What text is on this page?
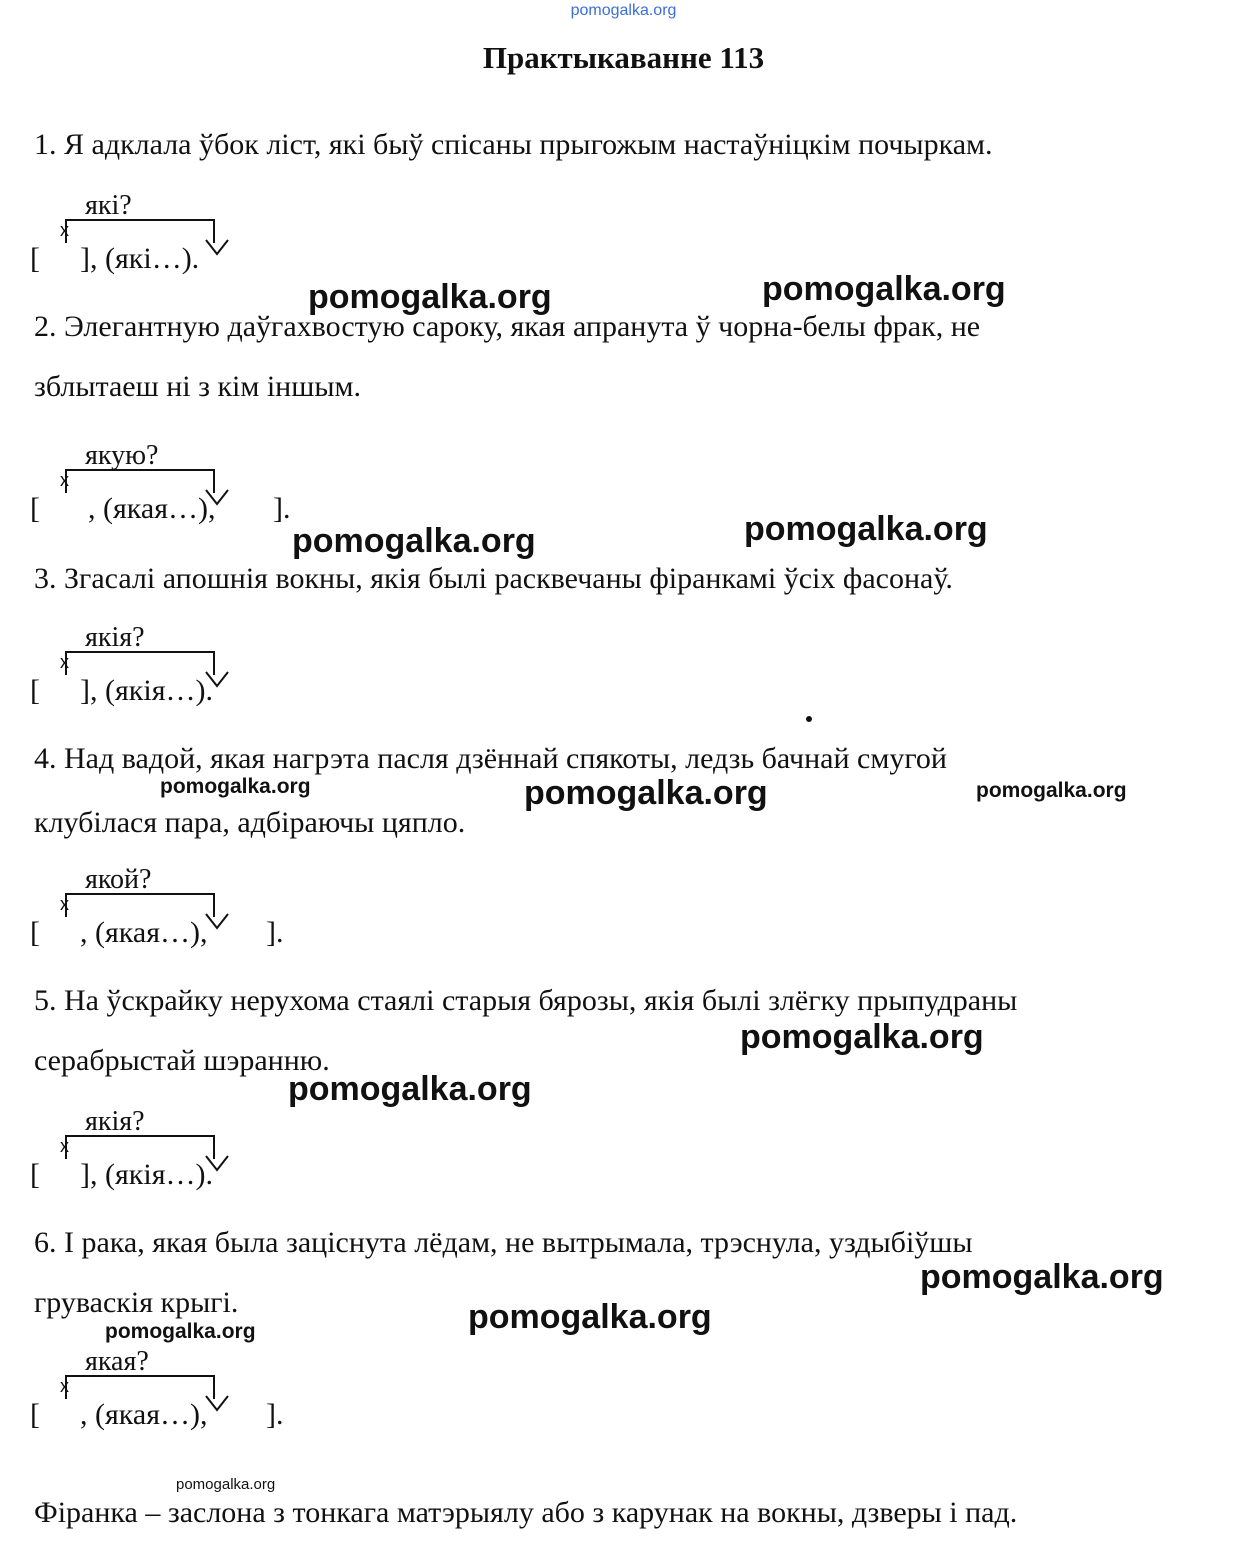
pomogalka.org
Практыкаванне 113
1. Я адклала ўбок ліст, які быў спісаны прыгожым настаўніцкім почыркам.
які?
x
[ ], (які…).
2. Элегантную даўгахвостую сароку, якая апранута ў чорна-белы фрак, не
зблытаеш ні з кім іншым.
якую?
x
[ , (якая…), ].
3. Згасалі апошнія вокны, якія былі расквечаны фіранкамі ўсіх фасонаў.
якія?
x
[ ], (якія…).
4. Над вадой, якая нагрэта пасля дзённай спякоты, ледзь бачнай смугой
клубілася пара, адбіраючы цяпло.
якой?
x
[ , (якая…), ].
5. На ўскрайку нерухома стаялі старыя бярозы, якія былі злёгку прыпудраны
серабрыстай шэранню.
якія?
x
[ ], (якія…).
6. І рака, якая была заціснута лёдам, не вытрымала, трэснула, уздыбіўшы
груваскія крыгі.
якая?
x
[ , (якая…), ].
Фіранка – заслона з тонкага матэрыялу або з карунак на вокны, дзверы і пад.
pomogalka.org	pomogalka.org
pomogalka.org	pomogalka.org
pomogalka.org	pomogalka.org	pomogalka.org
pomogalka.org
pomogalka.org
pomogalka.org
pomogalka.org	pomogalka.org
pomogalka.org
